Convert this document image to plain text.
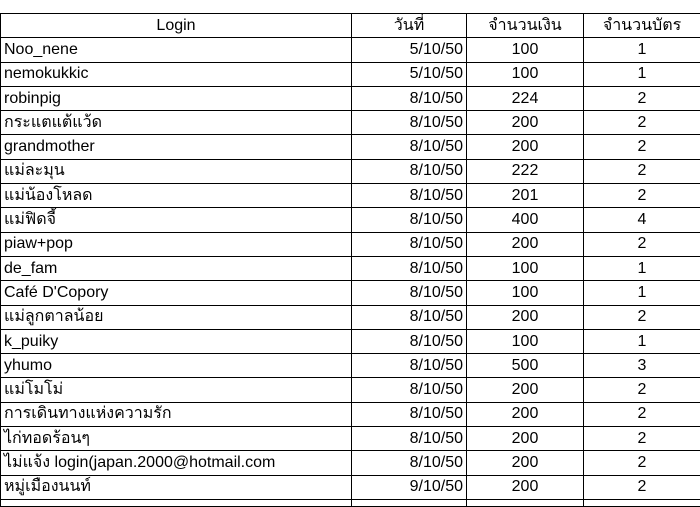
Login	วันที่	จำนวนเงิน	จำนวนบัตร
Noo_nene	5/10/50	100	1
nemokukkic	5/10/50	100	1
robinpig	8/10/50	224	2
กระแตแต้แว้ด	8/10/50	200	2
grandmother	8/10/50	200	2
แม่ละมุน	8/10/50	222	2
แม่น้องโหลด	8/10/50	201	2
แม่ฟิดจี้	8/10/50	400	4
piaw+pop	8/10/50	200	2
de_fam	8/10/50	100	1
Café D'Copory	8/10/50	100	1
แม่ลูกตาลน้อย	8/10/50	200	2
k_puiky	8/10/50	100	1
yhumo	8/10/50	500	3
แม่โมโม่	8/10/50	200	2
การเดินทางแห่งความรัก	8/10/50	200	2
ไก่ทอดร้อนๆ	8/10/50	200	2
ไม่แจ้ง login(japan.2000@hotmail.com	8/10/50	200	2
หมู่เมืองนนท์	9/10/50	200	2
